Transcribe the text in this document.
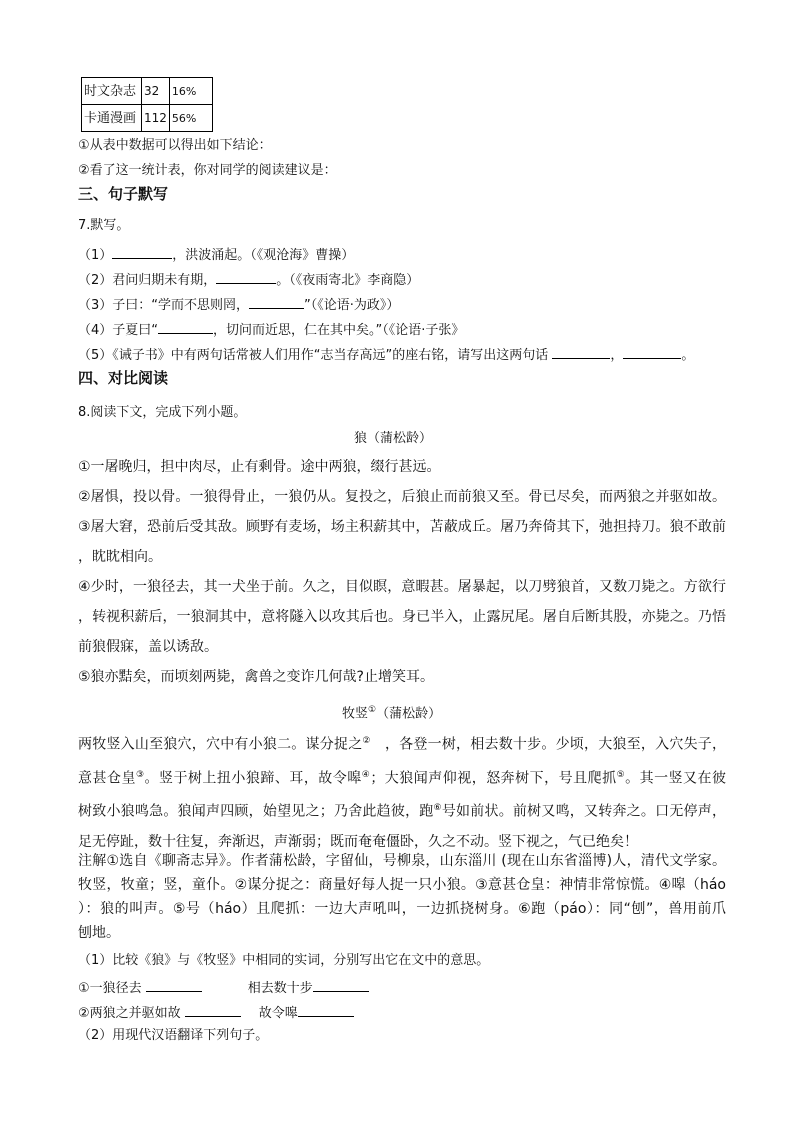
时文杂志	32	16%
卡通漫画	112	56%
①从表中数据可以得出如下结论：
②看了这一统计表，你对同学的阅读建议是：
三、句子默写
7.默写。
（1）	，洪波涌起。（《观沧海》曹操）
（2）君问归期未有期，	。（《夜雨寄北》李商隐）
（3）子曰：“学而不思则罔，	”（《论语·为政》）
（4）子夏曰“	，切问而近思，仁在其中矣。”（《论语·子张》
（5）《诫子书》中有两句话常被人们用作“志当存高远”的座右铭，请写出这两句话	，	。
四、对比阅读
8.阅读下文，完成下列小题。
狼（蒲松龄）
①一屠晚归，担中肉尽，止有剩骨。途中两狼，缀行甚远。
②屠惧，投以骨。一狼得骨止，一狼仍从。复投之，后狼止而前狼又至。骨已尽矣，而两狼之并驱如故。
③屠大窘，恐前后受其敌。顾野有麦场，场主积薪其中，苫蔽成丘。屠乃奔倚其下，弛担持刀。狼不敢前
，眈眈相向。
④少时，一狼径去，其一犬坐于前。久之，目似瞑，意暇甚。屠暴起，以刀劈狼首，又数刀毙之。方欲行
，转视积薪后，一狼洞其中，意将隧入以攻其后也。身已半入，止露尻尾。屠自后断其股，亦毙之。乃悟
前狼假寐，盖以诱敌。
⑤狼亦黠矣，而顷刻两毙，禽兽之变诈几何哉?止增笑耳。
牧竖①（蒲松龄）
两牧竖入山至狼穴，穴中有小狼二。谋分捉之②　，各登一树，相去数十步。少顷，大狼至，入穴失子，
意甚仓皇③。竖于树上扭小狼蹄、耳，故令嗥④；大狼闻声仰视，怒奔树下，号且爬抓⑤。其一竖又在彼
树致小狼鸣急。狼闻声四顾，始望见之；乃舍此趋彼，跑⑥号如前状。前树又鸣，又转奔之。口无停声，
足无停趾，数十往复，奔渐迟，声渐弱；既而奄奄僵卧，久之不动。竖下视之，气已绝矣！
注解①选自《聊斋志异》。作者蒲松龄，字留仙，号柳泉，山东淄川 (现在山东省淄博)人，清代文学家。
牧竖，牧童；竖，童仆。②谋分捉之：商量好每人捉一只小狼。③意甚仓皇：神情非常惊慌。④嗥（háo
）：狼的叫声。⑤号（háo）且爬抓：一边大声吼叫，一边抓挠树身。⑥跑（páo）：同“刨”，兽用前爪
刨地。
（1）比较《狼》与《牧竖》中相同的实词，分别写出它在文中的意思。
①一狼径去	相去数十步
②两狼之并驱如故	故令嗥
（2）用现代汉语翻译下列句子。
